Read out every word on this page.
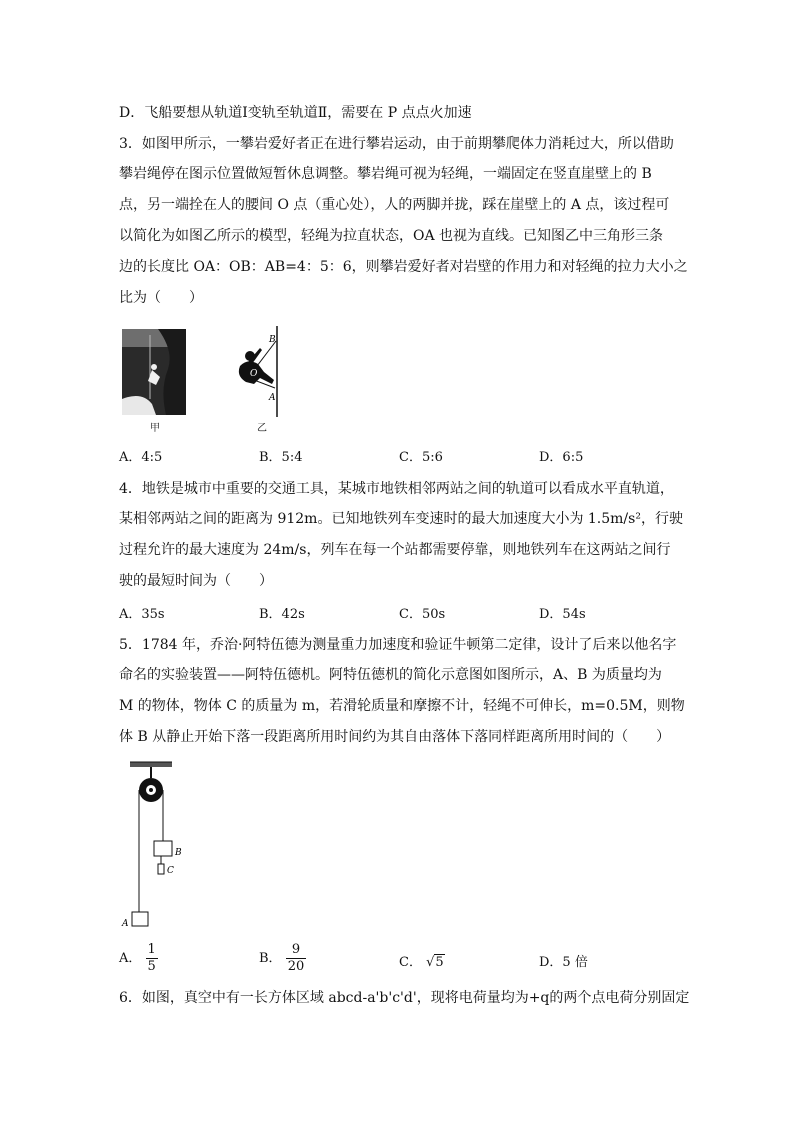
D．飞船要想从轨道Ⅰ变轨至轨道Ⅱ，需要在 P 点点火加速
3．如图甲所示，一攀岩爱好者正在进行攀岩运动，由于前期攀爬体力消耗过大，所以借助
攀岩绳停在图示位置做短暂休息调整。攀岩绳可视为轻绳，一端固定在竖直崖壁上的 B
点，另一端拴在人的腰间 O 点（重心处），人的两脚并拢，踩在崖壁上的 A 点，该过程可
以简化为如图乙所示的模型，轻绳为拉直状态，OA 也视为直线。已知图乙中三角形三条
边的长度比 OA：OB：AB=4：5：6，则攀岩爱好者对岩壁的作用力和对轻绳的拉力大小之
比为（　　）
甲
B
O
A
乙
A．4:5	B．5:4	C．5:6	D．6:5
4．地铁是城市中重要的交通工具，某城市地铁相邻两站之间的轨道可以看成水平直轨道，
某相邻两站之间的距离为 912m。已知地铁列车变速时的最大加速度大小为 1.5m/s²，行驶
过程允许的最大速度为 24m/s，列车在每一个站都需要停靠，则地铁列车在这两站之间行
驶的最短时间为（　　）
A．35s	B．42s	C．50s	D．54s
5．1784 年，乔治·阿特伍德为测量重力加速度和验证牛顿第二定律，设计了后来以他名字
命名的实验装置——阿特伍德机。阿特伍德机的简化示意图如图所示，A、B 为质量均为
M 的物体，物体 C 的质量为 m，若滑轮质量和摩擦不计，轻绳不可伸长，m=0.5M，则物
体 B 从静止开始下落一段距离所用时间约为其自由落体下落同样距离所用时间的（　　）
B
C
A
A． $\frac{1}{5}$	B． $\frac{9}{20}$	C． √5	D．5 倍
6．如图，真空中有一长方体区域 abcd-a'b'c'd'，现将电荷量均为+q的两个点电荷分别固定
